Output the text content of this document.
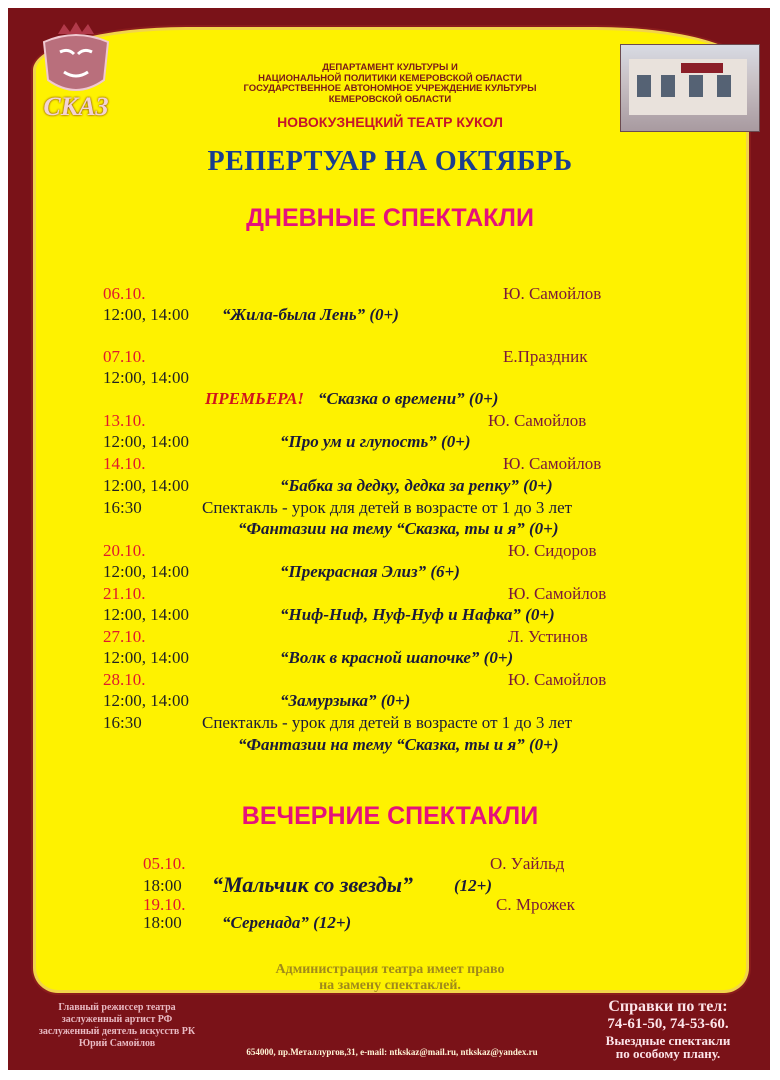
СКАЗ
ДЕПАРТАМЕНТ КУЛЬТУРЫ И
НАЦИОНАЛЬНОЙ ПОЛИТИКИ КЕМЕРОВСКОЙ ОБЛАСТИ
ГОСУДАРСТВЕННОЕ АВТОНОМНОЕ УЧРЕЖДЕНИЕ КУЛЬТУРЫ
КЕМЕРОВСКОЙ ОБЛАСТИ
НОВОКУЗНЕЦКИЙ ТЕАТР КУКОЛ
РЕПЕРТУАР НА ОКТЯБРЬ
ДНЕВНЫЕ СПЕКТАКЛИ
06.10.	Ю. Самойлов
12:00, 14:00 “Жила-была Лень” (0+)
07.10.	Е.Праздник
12:00, 14:00
ПРЕМЬЕРА! “Сказка о времени” (0+)
13.10.	Ю. Самойлов
12:00, 14:00	“Про ум и глупость” (0+)
14.10.	Ю. Самойлов
12:00, 14:00	“Бабка за дедку, дедка за репку” (0+)
16:30	Спектакль - урок для детей в возрасте от 1 до 3 лет
“Фантазии на тему “Сказка, ты и я” (0+)
20.10.	Ю. Сидоров
12:00, 14:00	“Прекрасная Элиз” (6+)
21.10.	Ю. Самойлов
12:00, 14:00	“Ниф-Ниф, Нуф-Нуф и Нафка” (0+)
27.10.	Л. Устинов
12:00, 14:00	“Волк в красной шапочке” (0+)
28.10.	Ю. Самойлов
12:00, 14:00	“Замурзыка” (0+)
16:30	Спектакль - урок для детей в возрасте от 1 до 3 лет
“Фантазии на тему “Сказка, ты и я” (0+)
ВЕЧЕРНИЕ СПЕКТАКЛИ
05.10.	О. Уайльд
18:00 “Мальчик со звезды” (12+)
19.10.	С. Мрожек
18:00 “Серенада” (12+)
Администрация театра имеет право
на замену спектаклей.
Главный режиссер театра
заслуженный артист РФ
заслуженный деятель искусств РК
Юрий Самойлов
654000, пр.Металлургов,31, e-mail: ntkskaz@mail.ru, ntkskaz@yandex.ru
Справки по тел:
74-61-50, 74-53-60.
Выездные спектакли
по особому плану.
